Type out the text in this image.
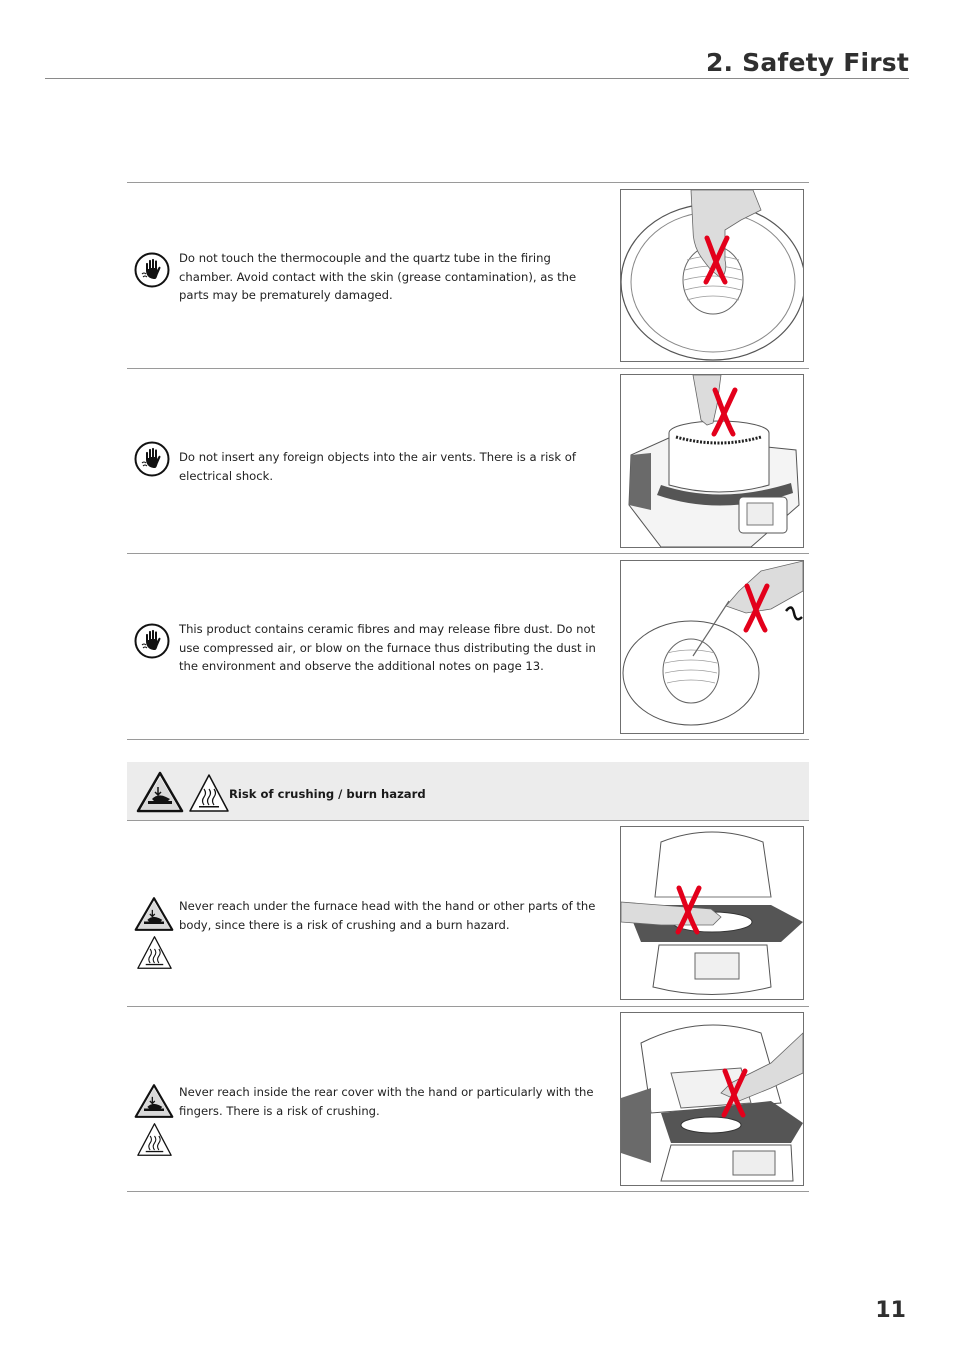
2. Safety First
Do not touch the thermocouple and the quartz tube in the firing chamber. Avoid contact with the skin (grease contamination), as the parts may be prematurely damaged.
Do not insert any foreign objects into the air vents. There is a risk of electrical shock.
This product contains ceramic fibres and may release fibre dust. Do not use compressed air, or blow on the furnace thus distributing the dust in the environment and observe the additional notes on page 13.
Risk of crushing / burn hazard
Never reach under the furnace head with the hand or other parts of the body, since there is a risk of crushing and a burn hazard.
Never reach inside the rear cover with the hand or particularly with the fingers. There is a risk of crushing.
11
